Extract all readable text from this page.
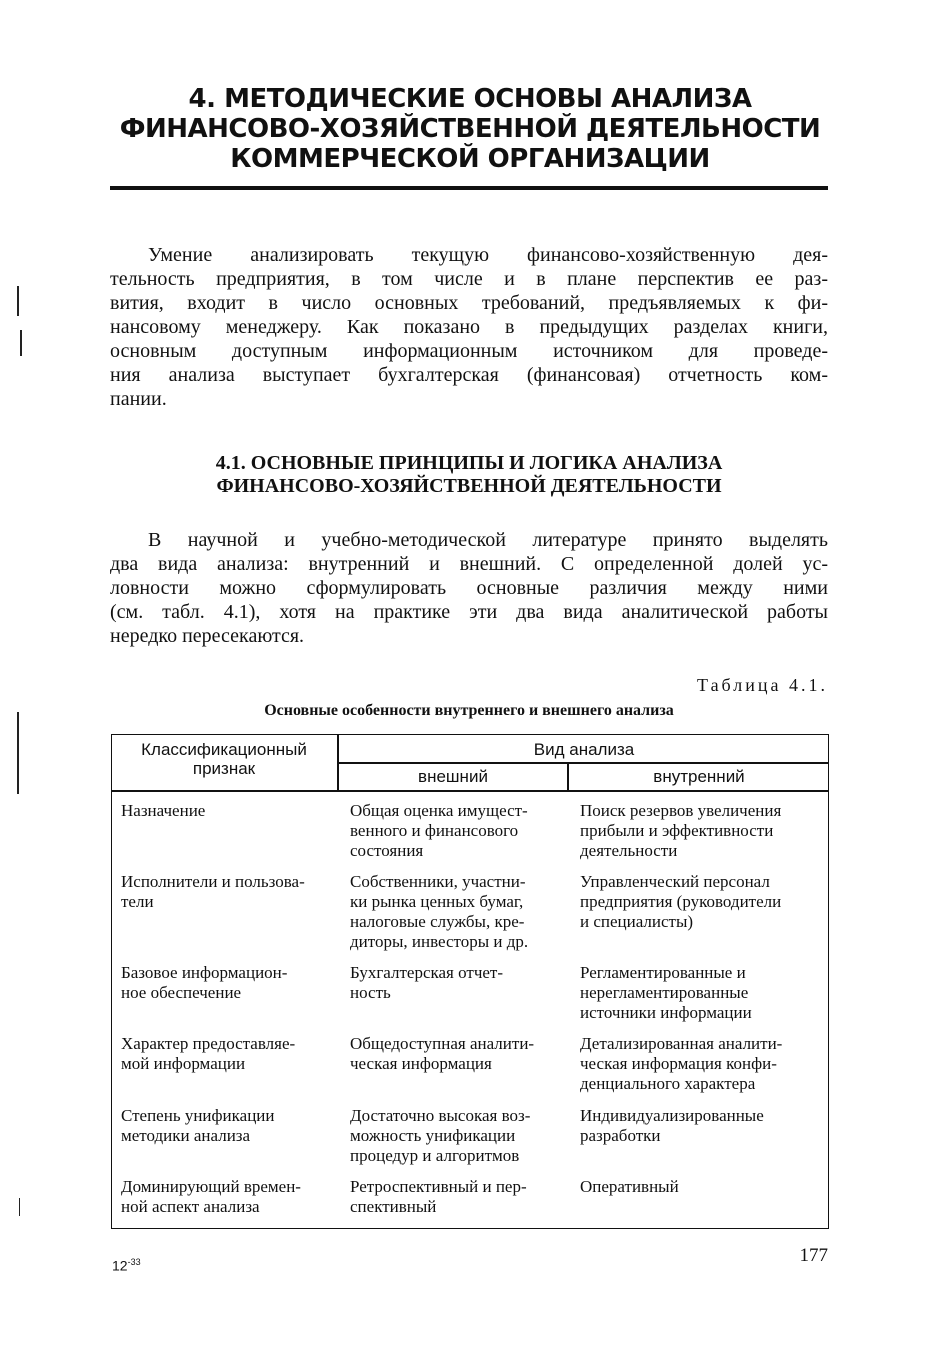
4. МЕТОДИЧЕСКИЕ ОСНОВЫ АНАЛИЗА
ФИНАНСОВО-ХОЗЯЙСТВЕННОЙ ДЕЯТЕЛЬНОСТИ
КОММЕРЧЕСКОЙ ОРГАНИЗАЦИИ
Умение анализировать текущую финансово-хозяйственную дея-
тельность предприятия, в том числе и в плане перспектив ее раз-
вития, входит в число основных требований, предъявляемых к фи-
нансовому менеджеру. Как показано в предыдущих разделах книги,
основным доступным информационным источником для проведе-
ния анализа выступает бухгалтерская (финансовая) отчетность ком-
пании.
4.1. ОСНОВНЫЕ ПРИНЦИПЫ И ЛОГИКА АНАЛИЗА
ФИНАНСОВО-ХОЗЯЙСТВЕННОЙ ДЕЯТЕЛЬНОСТИ
В научной и учебно-методической литературе принято выделять
два вида анализа: внутренний и внешний. С определенной долей ус-
ловности можно сформулировать основные различия между ними
(см. табл. 4.1), хотя на практике эти два вида аналитической работы
нередко пересекаются.
Таблица 4.1.
Основные особенности внутреннего и внешнего анализа
Классификационный
признак
Вид анализа
внешний	внутренний
Назначение	Общая оценка имущест-
венного и финансового
состояния
Поиск резервов увеличения
прибыли и эффективности
деятельности
Исполнители и пользова-
тели
Собственники, участни-
ки рынка ценных бумаг,
налоговые службы, кре-
диторы, инвесторы и др.
Управленческий персонал
предприятия (руководители
и специалисты)
Базовое информацион-
ное обеспечение
Бухгалтерская отчет-
ность
Регламентированные и
нерегламентированные
источники информации
Характер предоставляе-
мой информации
Общедоступная аналити-
ческая информация
Детализированная аналити-
ческая информация конфи-
денциального характера
Степень унификации
методики анализа
Достаточно высокая воз-
можность унификации
процедур и алгоритмов
Индивидуализированные
разработки
Доминирующий времен-
ной аспект анализа
Ретроспективный и пер-
спективный
Оперативный
177
$12^{-33}$
